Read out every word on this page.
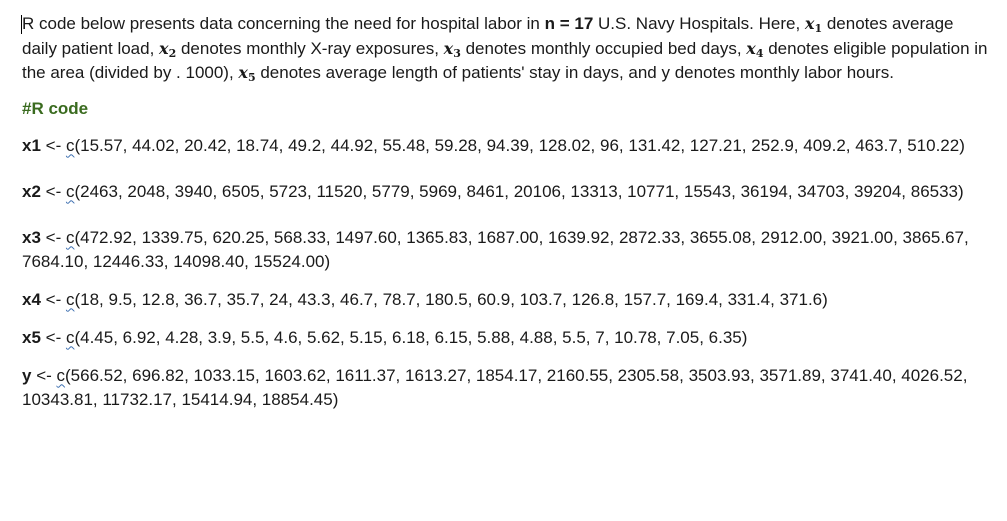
R code below presents data concerning the need for hospital labor in n = 17 U.S. Navy Hospitals. Here, $x_1$ denotes average daily patient load, $x_2$ denotes monthly X-ray exposures, $x_3$ denotes monthly occupied bed days, $x_4$ denotes eligible population in the area (divided by . 1000), $x_5$ denotes average length of patients' stay in days, and y denotes monthly labor hours.

#R code

x1 <- c(15.57, 44.02, 20.42, 18.74, 49.2, 44.92, 55.48, 59.28, 94.39, 128.02, 96, 131.42, 127.21, 252.9, 409.2, 463.7, 510.22)

x2 <- c(2463, 2048, 3940, 6505, 5723, 11520, 5779, 5969, 8461, 20106, 13313, 10771, 15543, 36194, 34703, 39204, 86533)

x3 <- c(472.92, 1339.75, 620.25, 568.33, 1497.60, 1365.83, 1687.00, 1639.92, 2872.33, 3655.08, 2912.00, 3921.00, 3865.67, 7684.10, 12446.33, 14098.40, 15524.00)

x4 <- c(18, 9.5, 12.8, 36.7, 35.7, 24, 43.3, 46.7, 78.7, 180.5, 60.9, 103.7, 126.8, 157.7, 169.4, 331.4, 371.6)

x5 <- c(4.45, 6.92, 4.28, 3.9, 5.5, 4.6, 5.62, 5.15, 6.18, 6.15, 5.88, 4.88, 5.5, 7, 10.78, 7.05, 6.35)

y <- c(566.52, 696.82, 1033.15, 1603.62, 1611.37, 1613.27, 1854.17, 2160.55, 2305.58, 3503.93, 3571.89, 3741.40, 4026.52, 10343.81, 11732.17, 15414.94, 18854.45)
